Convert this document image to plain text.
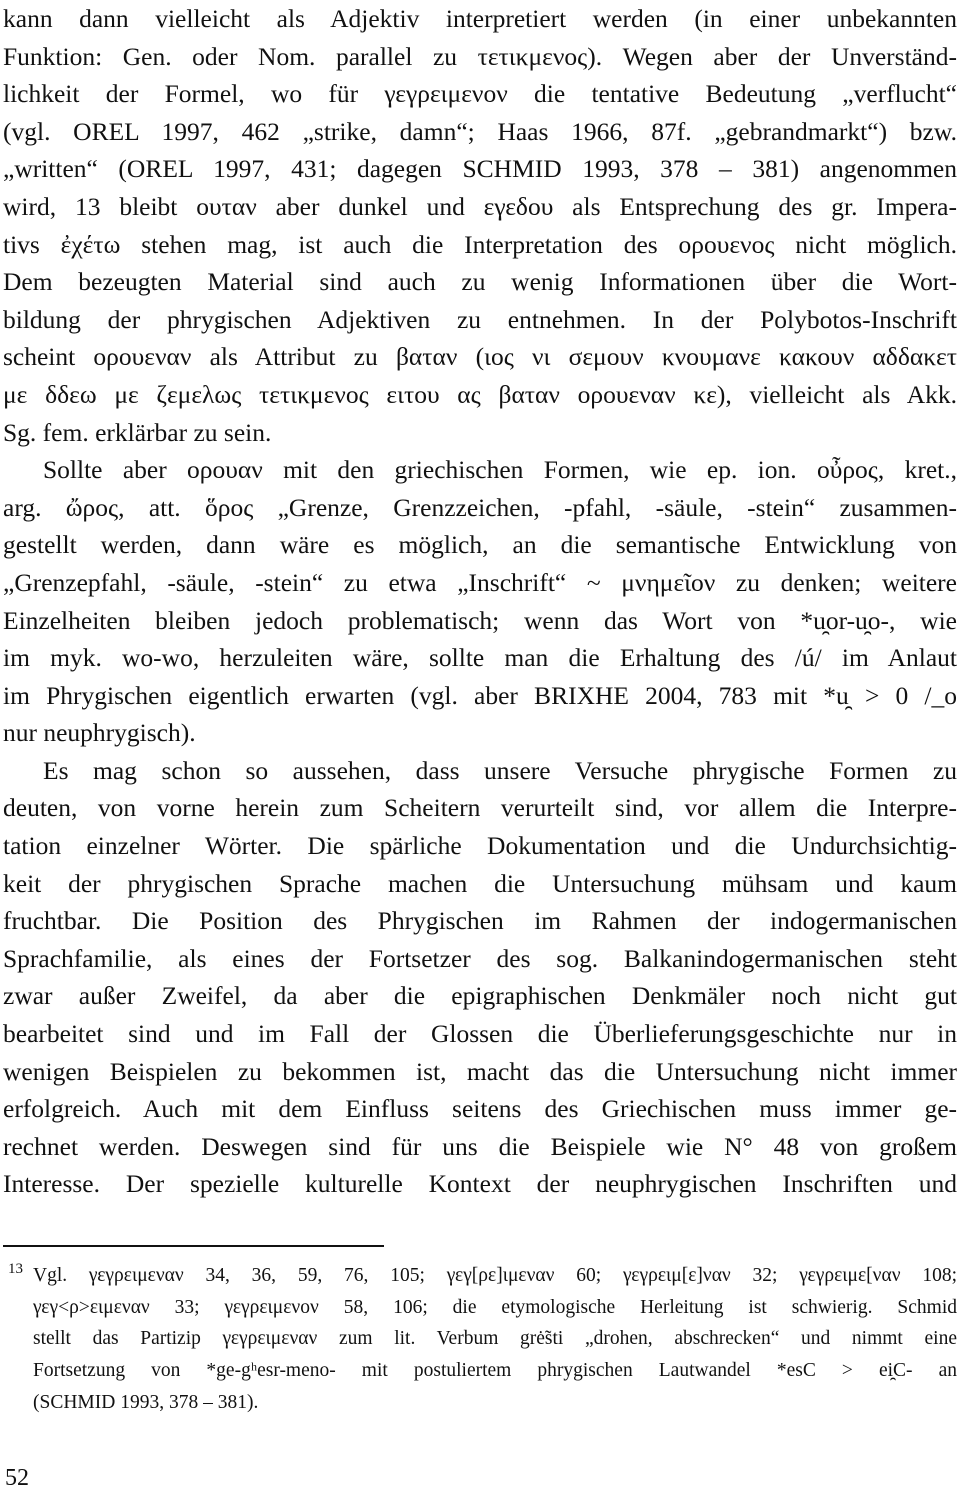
kann dann vielleicht als Adjektiv interpretiert werden (in einer unbekannten
Funktion: Gen. oder Nom. parallel zu τετικμενος). Wegen aber der Unverständ-
lichkeit der Formel, wo für γεγρειμενον die tentative Bedeutung „verflucht“
(vgl. OREL 1997, 462 „strike, damn“; Haas 1966, 87f. „gebrandmarkt“) bzw.
„written“ (OREL 1997, 431; dagegen SCHMID 1993, 378 – 381) angenommen
wird, 13 bleibt ουταν aber dunkel und εγεδου als Entsprechung des gr. Impera-
tivs ἐχέτω stehen mag, ist auch die Interpretation des ορουενος nicht möglich.
Dem bezeugten Material sind auch zu wenig Informationen über die Wort-
bildung der phrygischen Adjektiven zu entnehmen. In der Polybotos-Inschrift
scheint ορουεναν als Attribut zu βαταν (ιος νι σεμουν κνουμανε κακουν αδδακετ
με δδεω με ζεμελως τετικμενος ειτου ας βαταν ορουεναν κε), vielleicht als Akk.
Sg. fem. erklärbar zu sein.
Sollte aber ορουαν mit den griechischen Formen, wie ep. ion. οὖρος, kret.,
arg. ὤρος, att. ὅρος „Grenze, Grenzzeichen, -pfahl, -säule, -stein“ zusammen-
gestellt werden, dann wäre es möglich, an die semantische Entwicklung von
„Grenzepfahl, -säule, -stein“ zu etwa „Inschrift“ ~ μνημεῖον zu denken; weitere
Einzelheiten bleiben jedoch problematisch; wenn das Wort von *u̯or-u̯o-, wie
im myk. wo-wo, herzuleiten wäre, sollte man die Erhaltung des /ú/ im Anlaut
im Phrygischen eigentlich erwarten (vgl. aber BRIXHE 2004, 783 mit *u̯ > 0 /_o
nur neuphrygisch).
Es mag schon so aussehen, dass unsere Versuche phrygische Formen zu
deuten, von vorne herein zum Scheitern verurteilt sind, vor allem die Interpre-
tation einzelner Wörter. Die spärliche Dokumentation und die Undurchsichtig-
keit der phrygischen Sprache machen die Untersuchung mühsam und kaum
fruchtbar. Die Position des Phrygischen im Rahmen der indogermanischen
Sprachfamilie, als eines der Fortsetzer des sog. Balkanindogermanischen steht
zwar außer Zweifel, da aber die epigraphischen Denkmäler noch nicht gut
bearbeitet sind und im Fall der Glossen die Überlieferungsgeschichte nur in
wenigen Beispielen zu bekommen ist, macht das die Untersuchung nicht immer
erfolgreich. Auch mit dem Einfluss seitens des Griechischen muss immer ge-
rechnet werden. Deswegen sind für uns die Beispiele wie N° 48 von großem
Interesse. Der spezielle kulturelle Kontext der neuphrygischen Inschriften und
13 Vgl. γεγρειμεναν 34, 36, 59, 76, 105; γεγ[ρε]ιμεναν 60; γεγρειμ[ε]ναν 32; γεγρειμε[ναν 108;
γεγ<ρ>ειμεναν 33; γεγρειμενον 58, 106; die etymologische Herleitung ist schwierig. Schmid
stellt das Partizip γεγρειμεναν zum lit. Verbum grė̃sti „drohen, abschrecken“ und nimmt eine
Fortsetzung von *ge-gʰesr-meno- mit postuliertem phrygischen Lautwandel *esC > ei̯C- an
(SCHMID 1993, 378 – 381).
52
